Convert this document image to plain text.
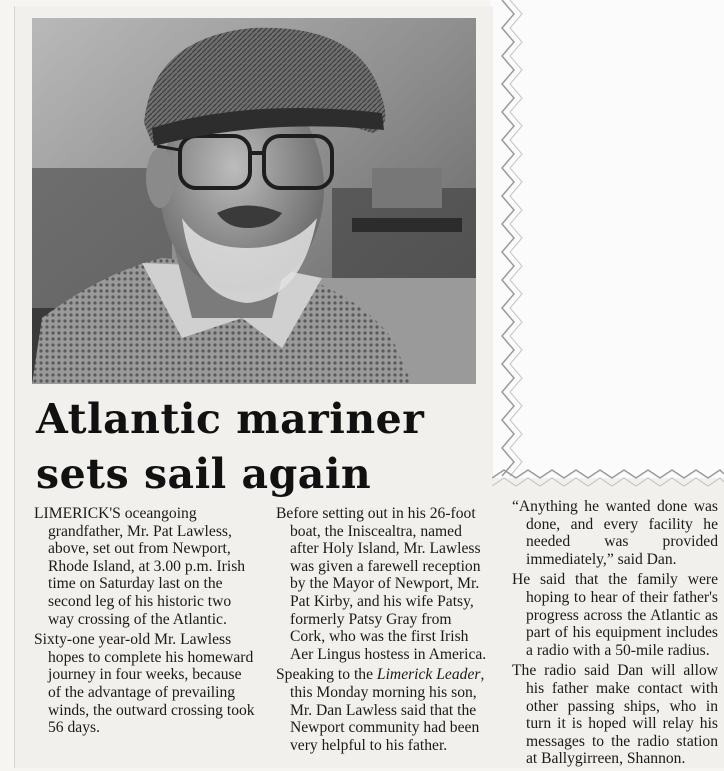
Atlantic mariner
sets sail again

LIMERICK'S oceangoing grandfather, Mr. Pat Lawless, above, set out from Newport, Rhode Island, at 3.00 p.m. Irish time on Saturday last on the second leg of his historic two way crossing of the Atlantic.

Sixty-one year-old Mr. Lawless hopes to complete his homeward journey in four weeks, because of the advantage of prevailing winds, the outward crossing took 56 days.

Before setting out in his 26-foot boat, the Iniscealtra, named after Holy Island, Mr. Lawless was given a farewell reception by the Mayor of Newport, Mr. Pat Kirby, and his wife Patsy, formerly Patsy Gray from Cork, who was the first Irish Aer Lingus hostess in America.

Speaking to the Limerick Leader, this Monday morning his son, Mr. Dan Lawless said that the Newport community had been very helpful to his father.

“Anything he wanted done was done, and every facility he needed was provided immediately,” said Dan.

He said that the family were hoping to hear of their father's progress across the Atlantic as part of his equipment includes a radio with a 50-mile radius.

The radio said Dan will allow his father make contact with other passing ships, who in turn it is hoped will relay his messages to the radio station at Ballygirreen, Shannon.
